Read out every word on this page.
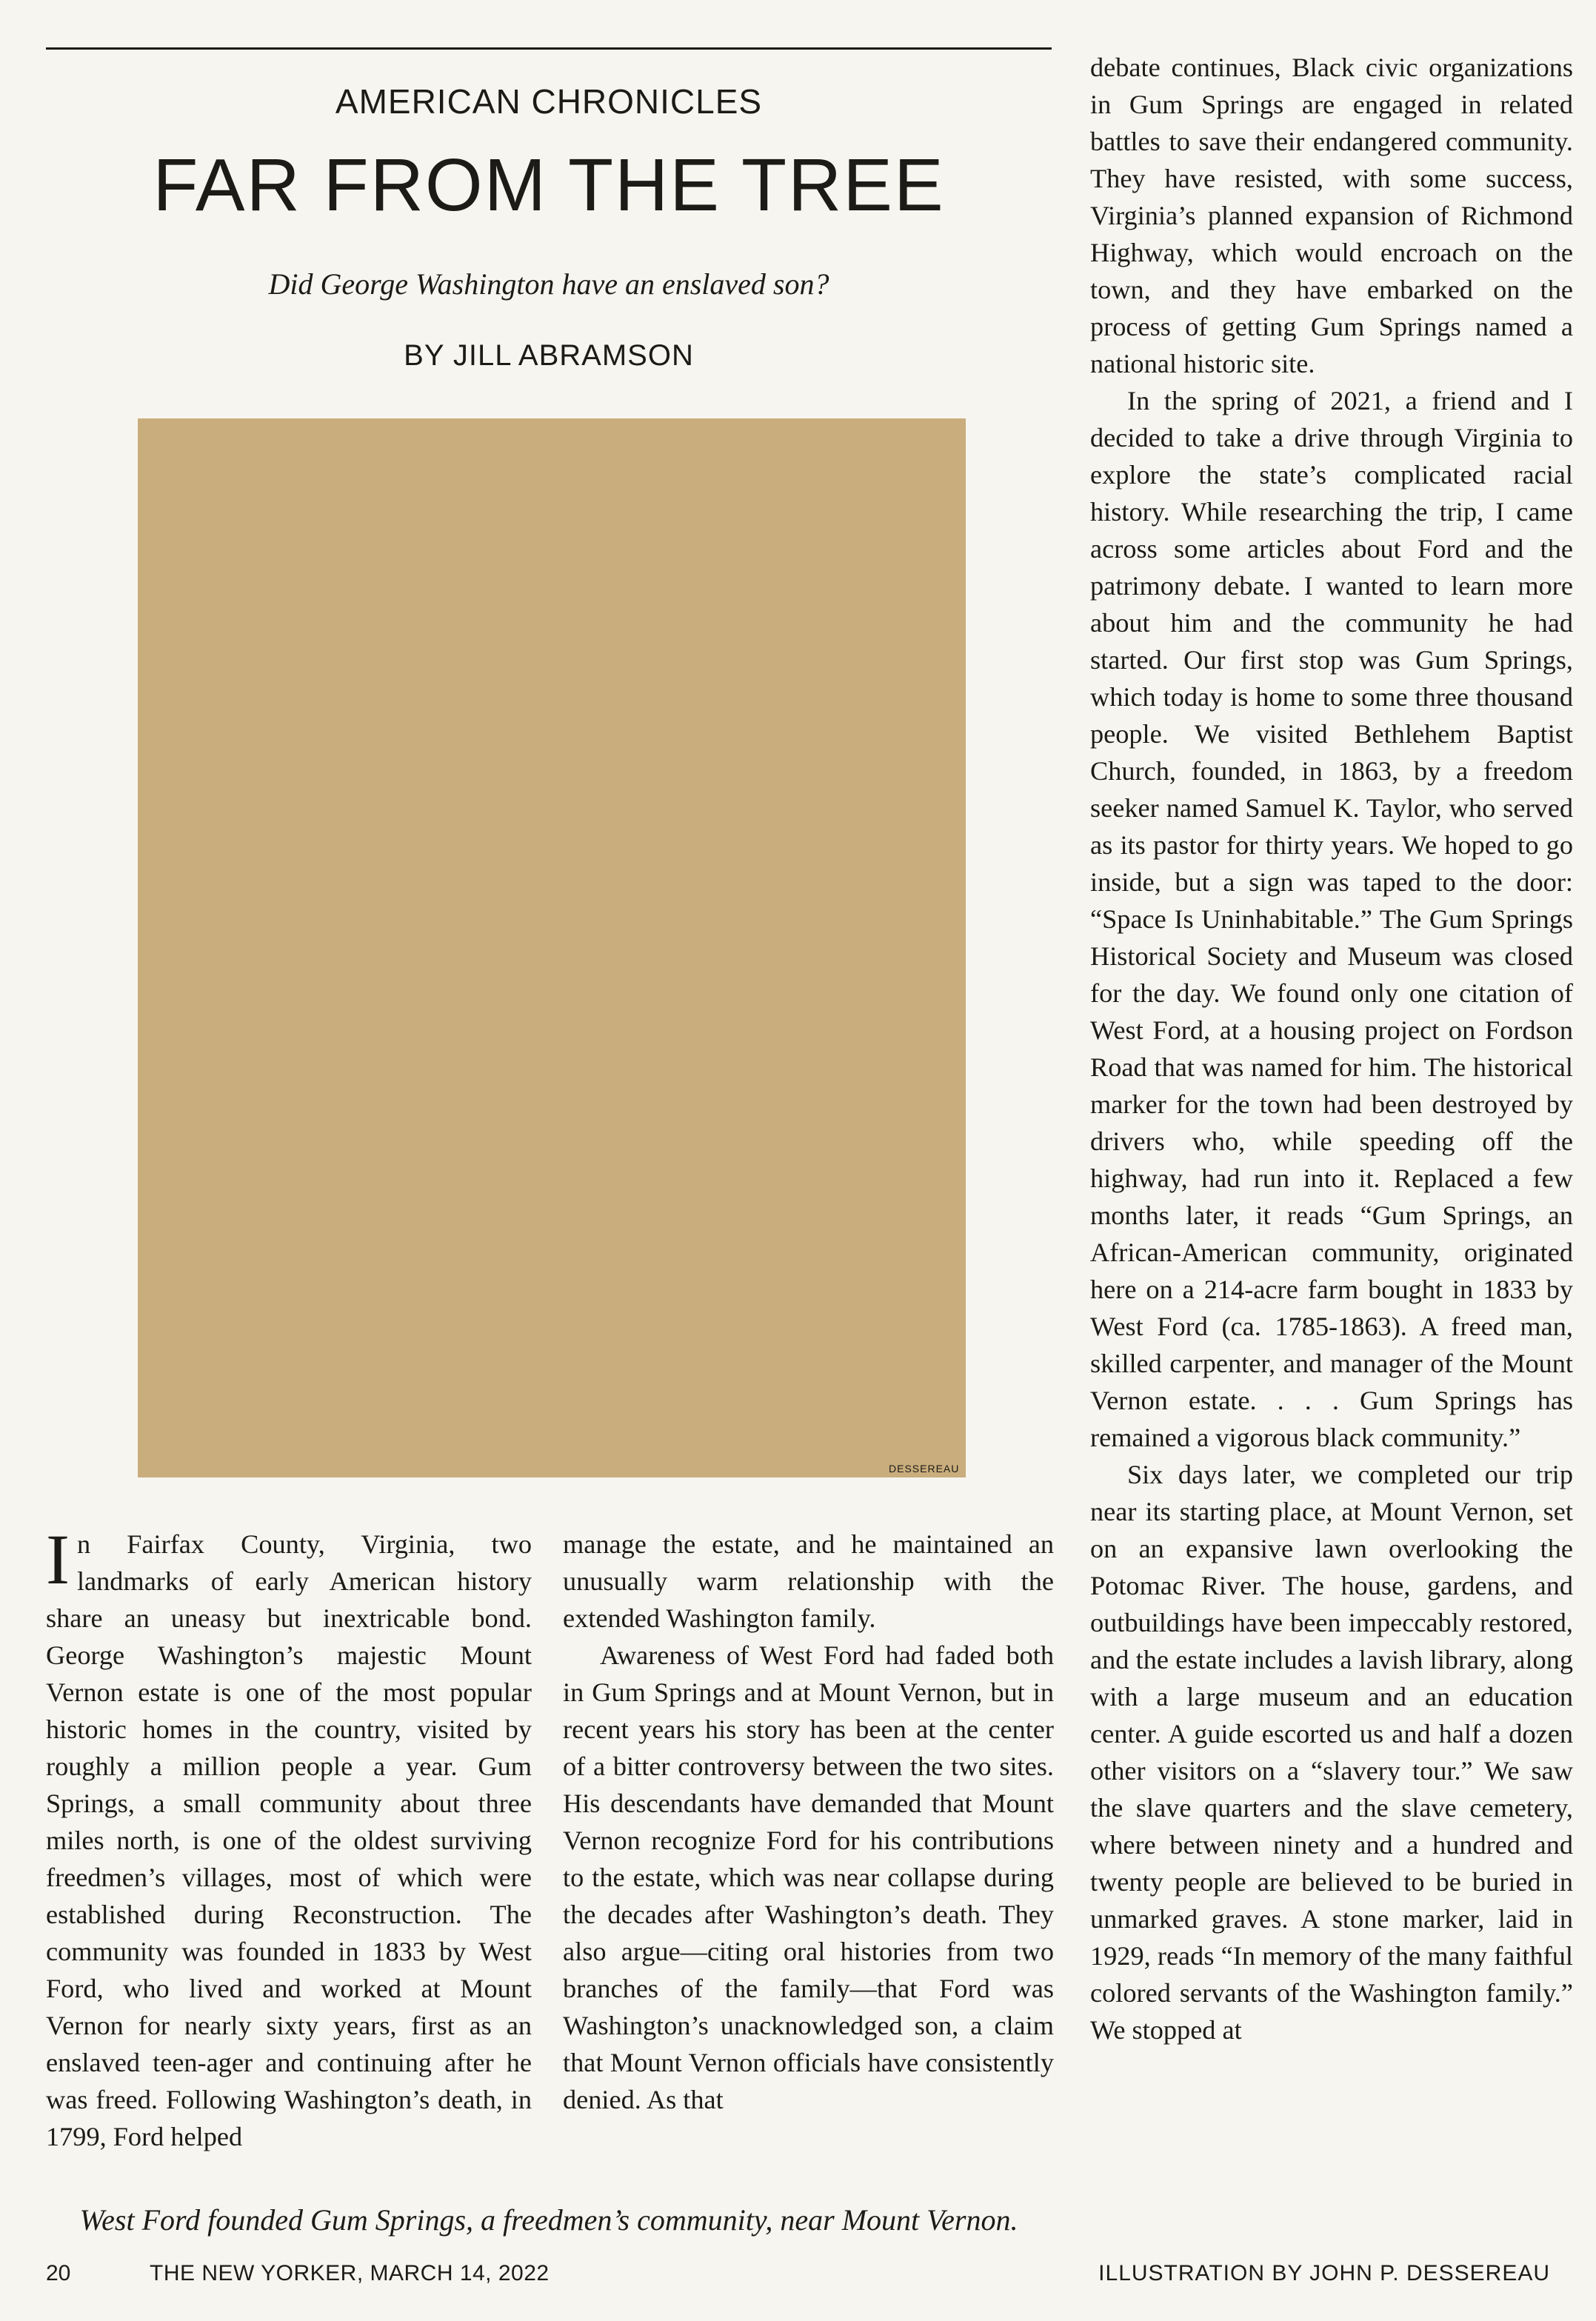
AMERICAN CHRONICLES
FAR FROM THE TREE
Did George Washington have an enslaved son?
BY JILL ABRAMSON
DESSEREAU

In Fairfax County, Virginia, two landmarks of early American history share an uneasy but inextricable bond. George Washington’s majestic Mount Vernon estate is one of the most popular historic homes in the country, visited by roughly a million people a year. Gum Springs, a small community about three miles north, is one of the oldest surviving freedmen’s villages, most of which were established during Reconstruction. The community was founded in 1833 by West Ford, who lived and worked at Mount Vernon for nearly sixty years, first as an enslaved teen-ager and continuing after he was freed. Following Washington’s death, in 1799, Ford helped

manage the estate, and he maintained an unusually warm relationship with the extended Washington family.

Awareness of West Ford had faded both in Gum Springs and at Mount Vernon, but in recent years his story has been at the center of a bitter controversy between the two sites. His descendants have demanded that Mount Vernon recognize Ford for his contributions to the estate, which was near collapse during the decades after Washington’s death. They also argue—citing oral histories from two branches of the family—that Ford was Washington’s unacknowledged son, a claim that Mount Vernon officials have consistently denied. As that

debate continues, Black civic organizations in Gum Springs are engaged in related battles to save their endangered community. They have resisted, with some success, Virginia’s planned expansion of Richmond Highway, which would encroach on the town, and they have embarked on the process of getting Gum Springs named a national historic site.

In the spring of 2021, a friend and I decided to take a drive through Virginia to explore the state’s complicated racial history. While researching the trip, I came across some articles about Ford and the patrimony debate. I wanted to learn more about him and the community he had started. Our first stop was Gum Springs, which today is home to some three thousand people. We visited Bethlehem Baptist Church, founded, in 1863, by a freedom seeker named Samuel K. Taylor, who served as its pastor for thirty years. We hoped to go inside, but a sign was taped to the door: “Space Is Uninhabitable.” The Gum Springs Historical Society and Museum was closed for the day. We found only one citation of West Ford, at a housing project on Fordson Road that was named for him. The historical marker for the town had been destroyed by drivers who, while speeding off the highway, had run into it. Replaced a few months later, it reads “Gum Springs, an African-American community, originated here on a 214-acre farm bought in 1833 by West Ford (ca. 1785-1863). A freed man, skilled carpenter, and manager of the Mount Vernon estate. . . . Gum Springs has remained a vigorous black community.”

Six days later, we completed our trip near its starting place, at Mount Vernon, set on an expansive lawn overlooking the Potomac River. The house, gardens, and outbuildings have been impeccably restored, and the estate includes a lavish library, along with a large museum and an education center. A guide escorted us and half a dozen other visitors on a “slavery tour.” We saw the slave quarters and the slave cemetery, where between ninety and a hundred and twenty people are believed to be buried in unmarked graves. A stone marker, laid in 1929, reads “In memory of the many faithful colored servants of the Washington family.” We stopped at

West Ford founded Gum Springs, a freedmen’s community, near Mount Vernon.
20	THE NEW YORKER, MARCH 14, 2022	ILLUSTRATION BY JOHN P. DESSEREAU
